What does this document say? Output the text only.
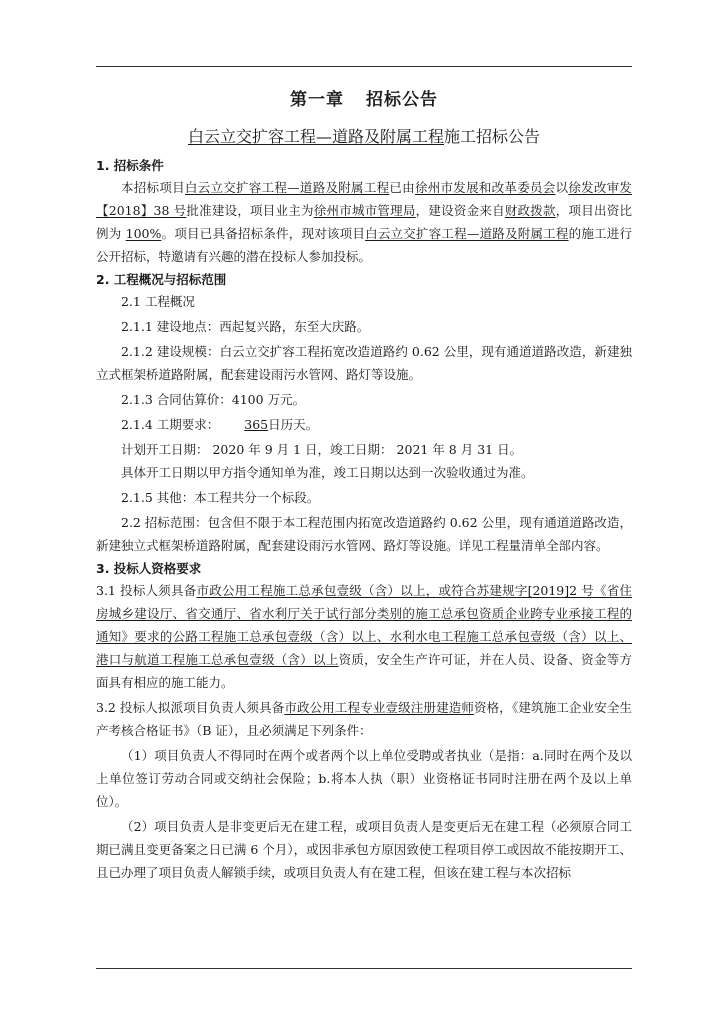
第一章 招标公告
白云立交扩容工程—道路及附属工程施工招标公告
1. 招标条件

本招标项目白云立交扩容工程—道路及附属工程已由徐州市发展和改革委员会以徐发改审发【2018】38 号批准建设，项目业主为徐州市城市管理局，建设资金来自财政拨款，项目出资比例为 100%。项目已具备招标条件，现对该项目白云立交扩容工程—道路及附属工程的施工进行公开招标，特邀请有兴趣的潜在投标人参加投标。

2. 工程概况与招标范围

2.1 工程概况

2.1.1 建设地点：西起复兴路，东至大庆路。

2.1.2 建设规模：白云立交扩容工程拓宽改造道路约 0.62 公里，现有通道道路改造，新建独立式框架桥道路附属，配套建设雨污水管网、路灯等设施。

2.1.3 合同估算价：4100 万元。

2.1.4 工期要求：365日历天。

计划开工日期： 2020 年 9 月 1 日，竣工日期： 2021 年 8 月 31 日。

具体开工日期以甲方指令通知单为准，竣工日期以达到一次验收通过为准。

2.1.5 其他：本工程共分一个标段。

2.2 招标范围：包含但不限于本工程范围内拓宽改造道路约 0.62 公里，现有通道道路改造，新建独立式框架桥道路附属，配套建设雨污水管网、路灯等设施。详见工程量清单全部内容。

3. 投标人资格要求

3.1 投标人须具备市政公用工程施工总承包壹级（含）以上，或符合苏建规字[2019]2 号《省住房城乡建设厅、省交通厅、省水利厅关于试行部分类别的施工总承包资质企业跨专业承接工程的通知》要求的公路工程施工总承包壹级（含）以上、水利水电工程施工总承包壹级（含）以上、港口与航道工程施工总承包壹级（含）以上资质，安全生产许可证，并在人员、设备、资金等方面具有相应的施工能力。

3.2 投标人拟派项目负责人须具备市政公用工程专业壹级注册建造师资格，《建筑施工企业安全生产考核合格证书》（B 证），且必须满足下列条件：

（1）项目负责人不得同时在两个或者两个以上单位受聘或者执业（是指：a.同时在两个及以上单位签订劳动合同或交纳社会保险；b.将本人执（职）业资格证书同时注册在两个及以上单位）。

（2）项目负责人是非变更后无在建工程，或项目负责人是变更后无在建工程（必须原合同工期已满且变更备案之日已满 6 个月），或因非承包方原因致使工程项目停工或因故不能按期开工、且已办理了项目负责人解锁手续，或项目负责人有在建工程，但该在建工程与本次招标
